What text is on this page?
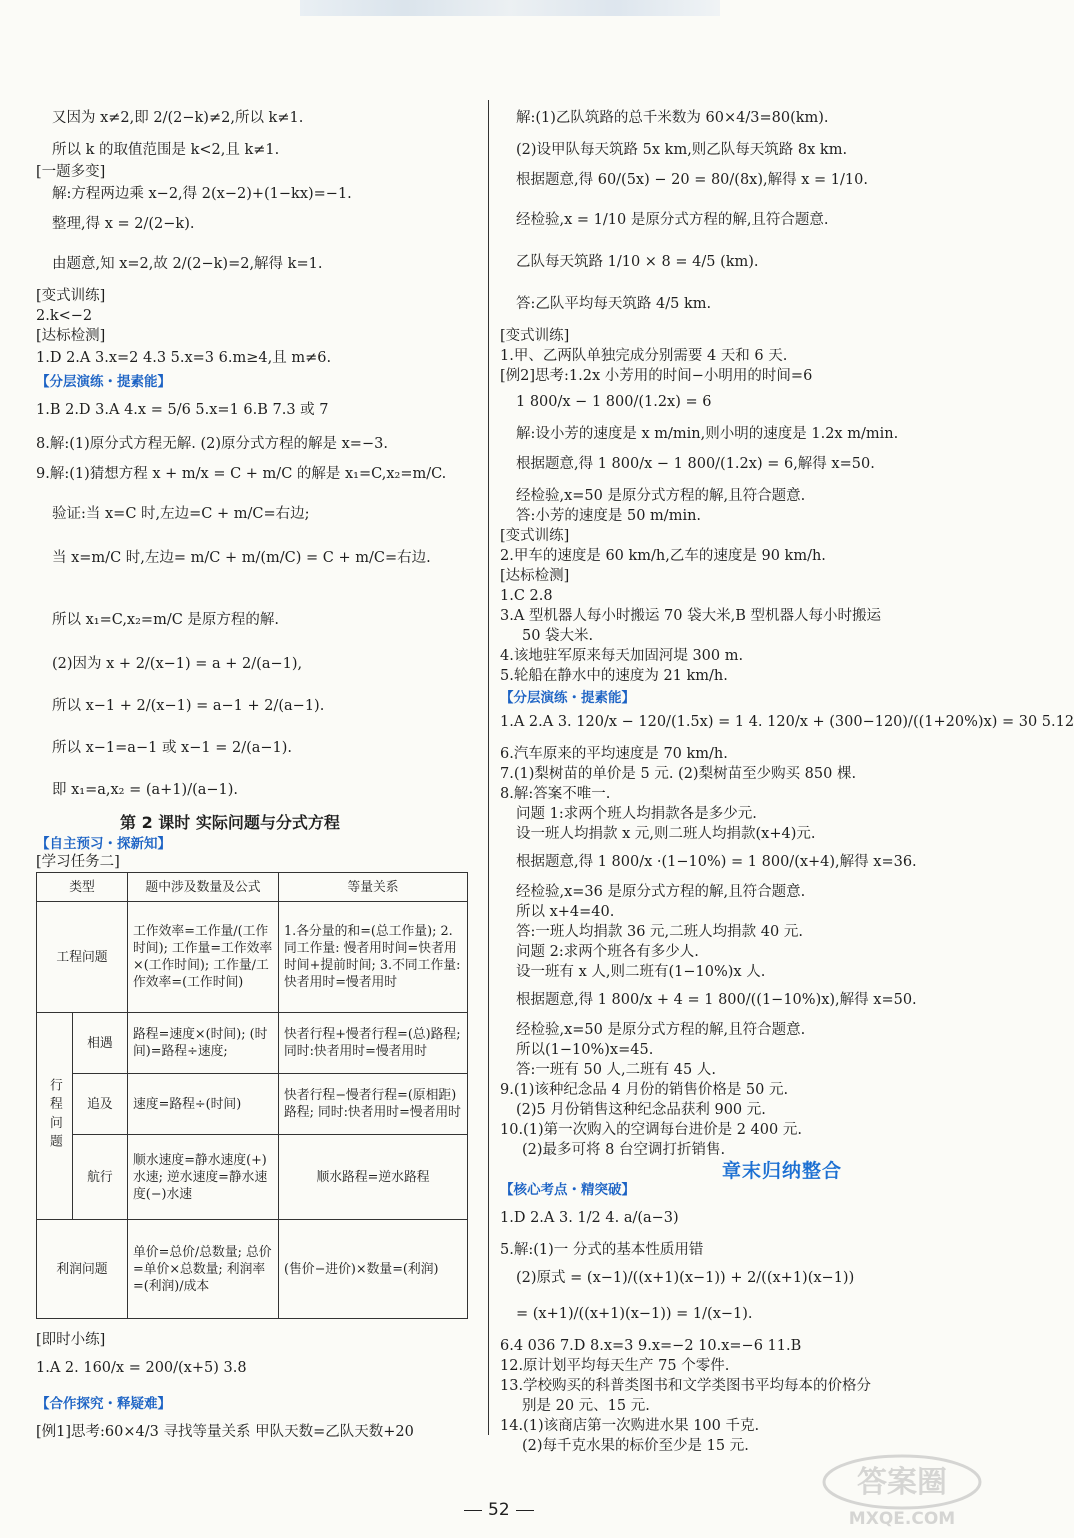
又因为 x≠2,即 2/(2−k)≠2,所以 k≠1.
所以 k 的取值范围是 k<2,且 k≠1.
[一题多变]
解:方程两边乘 x−2,得 2(x−2)+(1−kx)=−1.
整理,得 x = 2/(2−k).
由题意,知 x=2,故 2/(2−k)=2,解得 k=1.
[变式训练]
2.k<−2
[达标检测]
1.D 2.A 3.x=2 4.3 5.x=3 6.m≥4,且 m≠6.
【分层演练・提素能】
1.B 2.D 3.A 4.x = 5/6 5.x=1 6.B 7.3 或 7
8.解:(1)原分式方程无解. (2)原分式方程的解是 x=−3.
9.解:(1)猜想方程 x + m/x = C + m/C 的解是 x₁=C,x₂=m/C.
验证:当 x=C 时,左边=C + m/C=右边;
当 x=m/C 时,左边= m/C + m/(m/C) = C + m/C=右边.
所以 x₁=C,x₂=m/C 是原方程的解.
(2)因为 x + 2/(x−1) = a + 2/(a−1),
所以 x−1 + 2/(x−1) = a−1 + 2/(a−1).
所以 x−1=a−1 或 x−1 = 2/(a−1).
即 x₁=a,x₂ = (a+1)/(a−1).
第 2 课时 实际问题与分式方程
【自主预习・探新知】
[学习任务二]
类型		题中涉及数量及公式	等量关系
工程问题		工作效率=工作量/(工作时间); 工作量=工作效率×(工作时间); 工作量/工作效率=(工作时间)	1.各分量的和=(总工作量); 2.同工作量: 慢者用时间=快者用时间+提前时间; 3.不同工作量: 快者用时=慢者用时
行程问题	相遇	路程=速度×(时间); (时间)=路程÷速度;	快者行程+慢者行程=(总)路程; 同时:快者用时=慢者用时
	追及	速度=路程÷(时间)	快者行程−慢者行程=(原相距)路程; 同时:快者用时=慢者用时
	航行	顺水速度=静水速度(+)水速; 逆水速度=静水速度(−)水速	顺水路程=逆水路程
利润问题		单价=总价/总数量; 总价=单价×总数量; 利润率=(利润)/成本	(售价−进价)×数量=(利润)
[即时小练]
1.A 2. 160/x = 200/(x+5) 3.8
【合作探究・释疑难】
[例1]思考:60×4/3 寻找等量关系 甲队天数=乙队天数+20
解:(1)乙队筑路的总千米数为 60×4/3=80(km).
(2)设甲队每天筑路 5x km,则乙队每天筑路 8x km.
根据题意,得 60/(5x) − 20 = 80/(8x),解得 x = 1/10.
经检验,x = 1/10 是原分式方程的解,且符合题意.
乙队每天筑路 1/10 × 8 = 4/5 (km).
答:乙队平均每天筑路 4/5 km.
[变式训练]
1.甲、乙两队单独完成分别需要 4 天和 6 天.
[例2]思考:1.2x 小芳用的时间−小明用的时间=6
1 800/x − 1 800/(1.2x) = 6
解:设小芳的速度是 x m/min,则小明的速度是 1.2x m/min.
根据题意,得 1 800/x − 1 800/(1.2x) = 6,解得 x=50.
经检验,x=50 是原分式方程的解,且符合题意.
答:小芳的速度是 50 m/min.
[变式训练]
2.甲车的速度是 60 km/h,乙车的速度是 90 km/h.
[达标检测]
1.C 2.8
3.A 型机器人每小时搬运 70 袋大米,B 型机器人每小时搬运
50 袋大米.
4.该地驻军原来每天加固河堤 300 m.
5.轮船在静水中的速度为 21 km/h.
【分层演练・提素能】
1.A 2.A 3. 120/x − 120/(1.5x) = 1 4. 120/x + (300−120)/((1+20%)x) = 30 5.12
6.汽车原来的平均速度是 70 km/h.
7.(1)梨树苗的单价是 5 元. (2)梨树苗至少购买 850 棵.
8.解:答案不唯一.
问题 1:求两个班人均捐款各是多少元.
设一班人均捐款 x 元,则二班人均捐款(x+4)元.
根据题意,得 1 800/x ·(1−10%) = 1 800/(x+4),解得 x=36.
经检验,x=36 是原分式方程的解,且符合题意.
所以 x+4=40.
答:一班人均捐款 36 元,二班人均捐款 40 元.
问题 2:求两个班各有多少人.
设一班有 x 人,则二班有(1−10%)x 人.
根据题意,得 1 800/x + 4 = 1 800/((1−10%)x),解得 x=50.
经检验,x=50 是原分式方程的解,且符合题意.
所以(1−10%)x=45.
答:一班有 50 人,二班有 45 人.
9.(1)该种纪念品 4 月份的销售价格是 50 元.
(2)5 月份销售这种纪念品获利 900 元.
10.(1)第一次购入的空调每台进价是 2 400 元.
(2)最多可将 8 台空调打折销售.
章末归纳整合
【核心考点・精突破】
1.D 2.A 3. 1/2 4. a/(a−3)
5.解:(1)一 分式的基本性质用错
(2)原式 = (x−1)/((x+1)(x−1)) + 2/((x+1)(x−1))
= (x+1)/((x+1)(x−1)) = 1/(x−1).
6.4 036 7.D 8.x=3 9.x=−2 10.x=−6 11.B
12.原计划平均每天生产 75 个零件.
13.学校购买的科普类图书和文学类图书平均每本的价格分
别是 20 元、15 元.
14.(1)该商店第一次购进水果 100 千克.
(2)每千克水果的标价至少是 15 元.
52
答案圈
MXQE.COM
